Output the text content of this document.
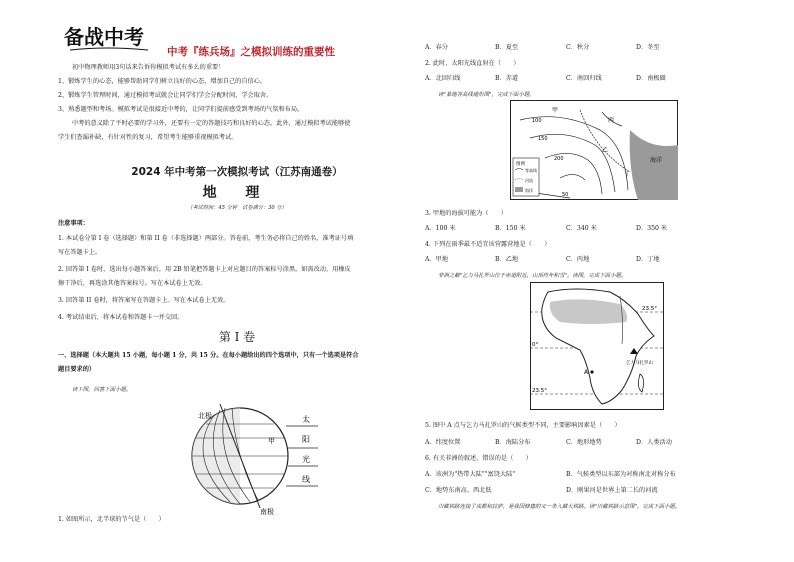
备战中考
中考『练兵场』之模拟训练的重要性
初中物理教师用3句话来告诉你模拟考试有多么的重要！
1、锻炼学生的心态，能够帮助同学们树立良好的心态，增加自己的自信心。
2、锻炼学生管理时间，通过模拟考试就会让同学们学会分配时间，学会取舍。
3、熟悉题型和考场。模拟考试是很接近中考的，让同学们提前感受到考场的气氛和布局。
中考的意义除了平时必要的学习外，还要有一定的答题技巧和良好的心态。此外，通过模拟考试能够使
学生们查漏补缺，有针对性的复习，希望考生能够重视模拟考试。
2024 年中考第一次模拟考试（江苏南通卷）
地 理
（考试时间：45 分钟　试卷满分：30 分）
注意事项：
1. 本试卷分第 I 卷（选择题）和第 II 卷（非选择题）两部分。答卷前，考生务必将自己的姓名、准考证号填
写在答题卡上。
2. 回答第 I 卷时，选出每小题答案后，用 2B 铅笔把答题卡上对应题目的答案标号涂黑。如需改动，用橡皮
擦干净后，再选涂其他答案标号。写在本试卷上无效。
3. 回答第 II 卷时，将答案写在答题卡上。写在本试卷上无效。
4. 考试结束后，将本试卷和答题卡一并交回。
第 I 卷
一、选择题（本大题共 15 小题，每小题 1 分，共 15 分。在每小题给出的四个选项中，只有一个选项是符合
题目要求的）
读下图，回答下面小题。
北极
南极
甲
太
阳
光
线
1. 如图所示，北半球的节气是（　　）
A．春分	B．夏至	C．秋分	D．冬至
2. 此时，太阳光线直射在（　　）
A．北回归线	B．赤道	C．南回归线	D．南极圈
读"某地等高线地形图"，完成下面小题。
甲
乙
丙
丁
海洋
100
150
200
50
图例
等高线
河流
海洋
3. 甲地的海拔可能为（　　）
A．100 米	B．150 米	C．340 米	D．350 米
4. 下列在雨季最不适宜该营露营地是（　　）
A．甲地	B．乙地	C．丙地	D．丁地
非洲之巅"乞力马扎罗山位于赤道附近，山顶终年积雪"。读图，完成下面小题。
23.5°
0°
23.5°
A
乞力马扎罗山
5. 图中 A 点与乞力马扎罗山的气候类型不同，主要影响因素是（　　）
A．纬度位置	B．海陆分布	C．地形地势	D．人类活动
6. 有关非洲的叙述，错误的是（　　）
A．该洲为"热带大陆""富饶大陆"	B．气候类型以东部为对称南北对称分布
C．地势东南高、西北低	D．刚果河是世界上第二长的河流
川藏铁路连接了成都和拉萨，是我国修建的又一条入藏大铁路。读"川藏铁路示意图"，完成下面小题。
